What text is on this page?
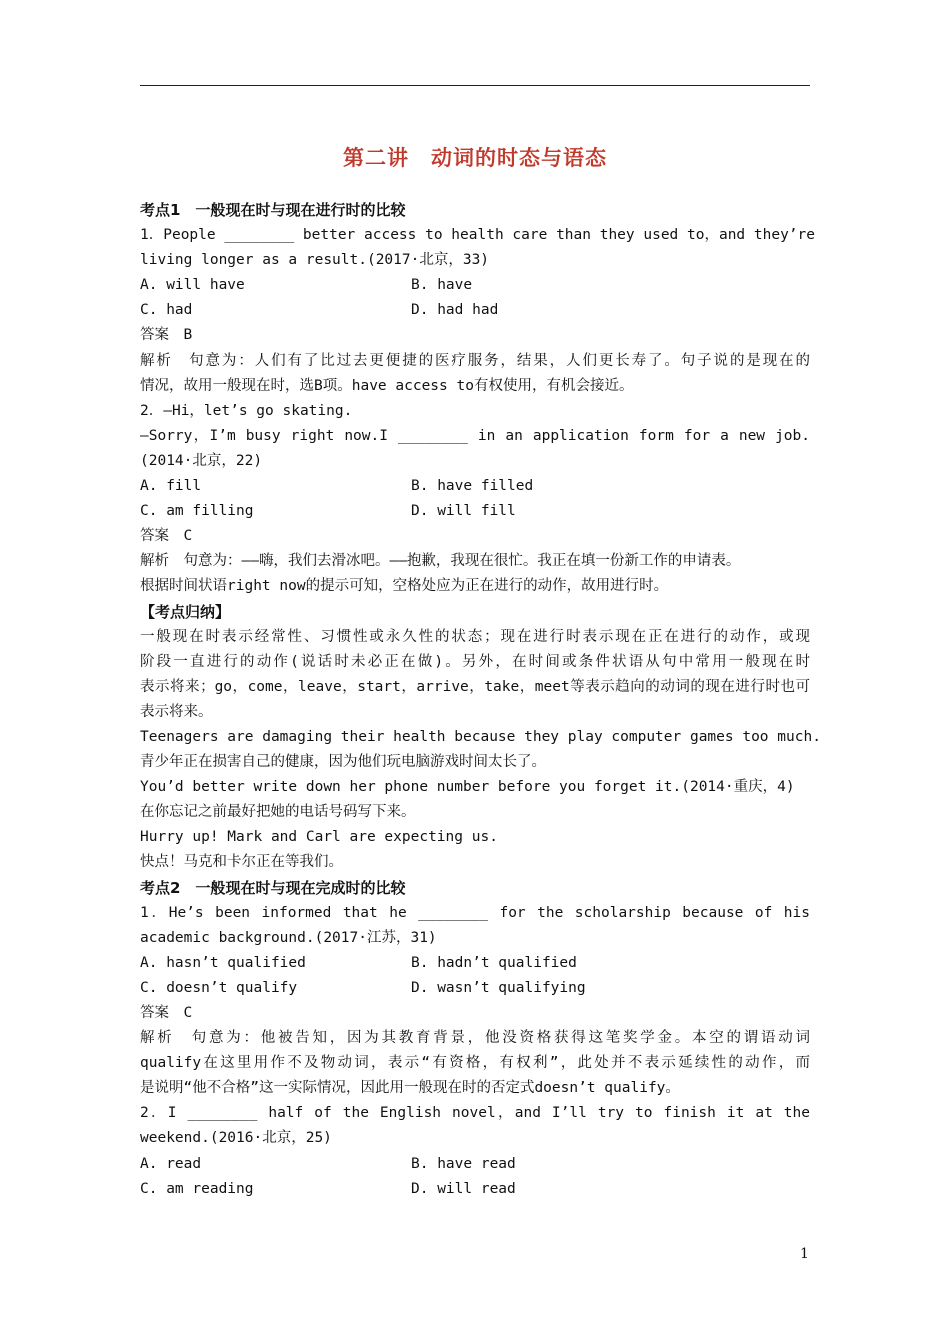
第二讲　动词的时态与语态
考点1　一般现在时与现在进行时的比较
1．People ________ better access to health care than they used to，and they’re
living longer as a result.(2017·北京，33)
A. will have	B. have
C. had	D. had had
答案　B
解析　句意为：人们有了比过去更便捷的医疗服务，结果，人们更长寿了。句子说的是现在的
情况，故用一般现在时，选B项。have access to有权使用，有机会接近。
2．—Hi，let’s go skating.
—Sorry，I’m busy right now.I ________ in an application form for a new job.
(2014·北京，22)
A. fill	B. have filled
C. am filling	D. will fill
答案　C
解析　句意为：——嗨，我们去滑冰吧。——抱歉，我现在很忙。我正在填一份新工作的申请表。
根据时间状语right now的提示可知，空格处应为正在进行的动作，故用进行时。
【考点归纳】
一般现在时表示经常性、习惯性或永久性的状态；现在进行时表示现在正在进行的动作，或现
阶段一直进行的动作(说话时未必正在做)。另外，在时间或条件状语从句中常用一般现在时
表示将来；go，come，leave，start，arrive，take，meet等表示趋向的动词的现在进行时也可
表示将来。
Teenagers are damaging their health because they play computer games too much.
青少年正在损害自己的健康，因为他们玩电脑游戏时间太长了。
You’d better write down her phone number before you forget it.(2014·重庆，4)
在你忘记之前最好把她的电话号码写下来。
Hurry up! Mark and Carl are expecting us.
快点！马克和卡尔正在等我们。
考点2　一般现在时与现在完成时的比较
1．He’s been informed that he ________ for the scholarship because of his
academic background.(2017·江苏，31)
A. hasn’t qualified	B. hadn’t qualified
C. doesn’t qualify	D. wasn’t qualifying
答案　C
解析　句意为：他被告知，因为其教育背景，他没资格获得这笔奖学金。本空的谓语动词
qualify在这里用作不及物动词，表示“有资格，有权利”，此处并不表示延续性的动作，而
是说明“他不合格”这一实际情况，因此用一般现在时的否定式doesn’t qualify。
2．I ________ half of the English novel，and I’ll try to finish it at the
weekend.(2016·北京，25)
A. read	B. have read
C. am reading	D. will read
1
